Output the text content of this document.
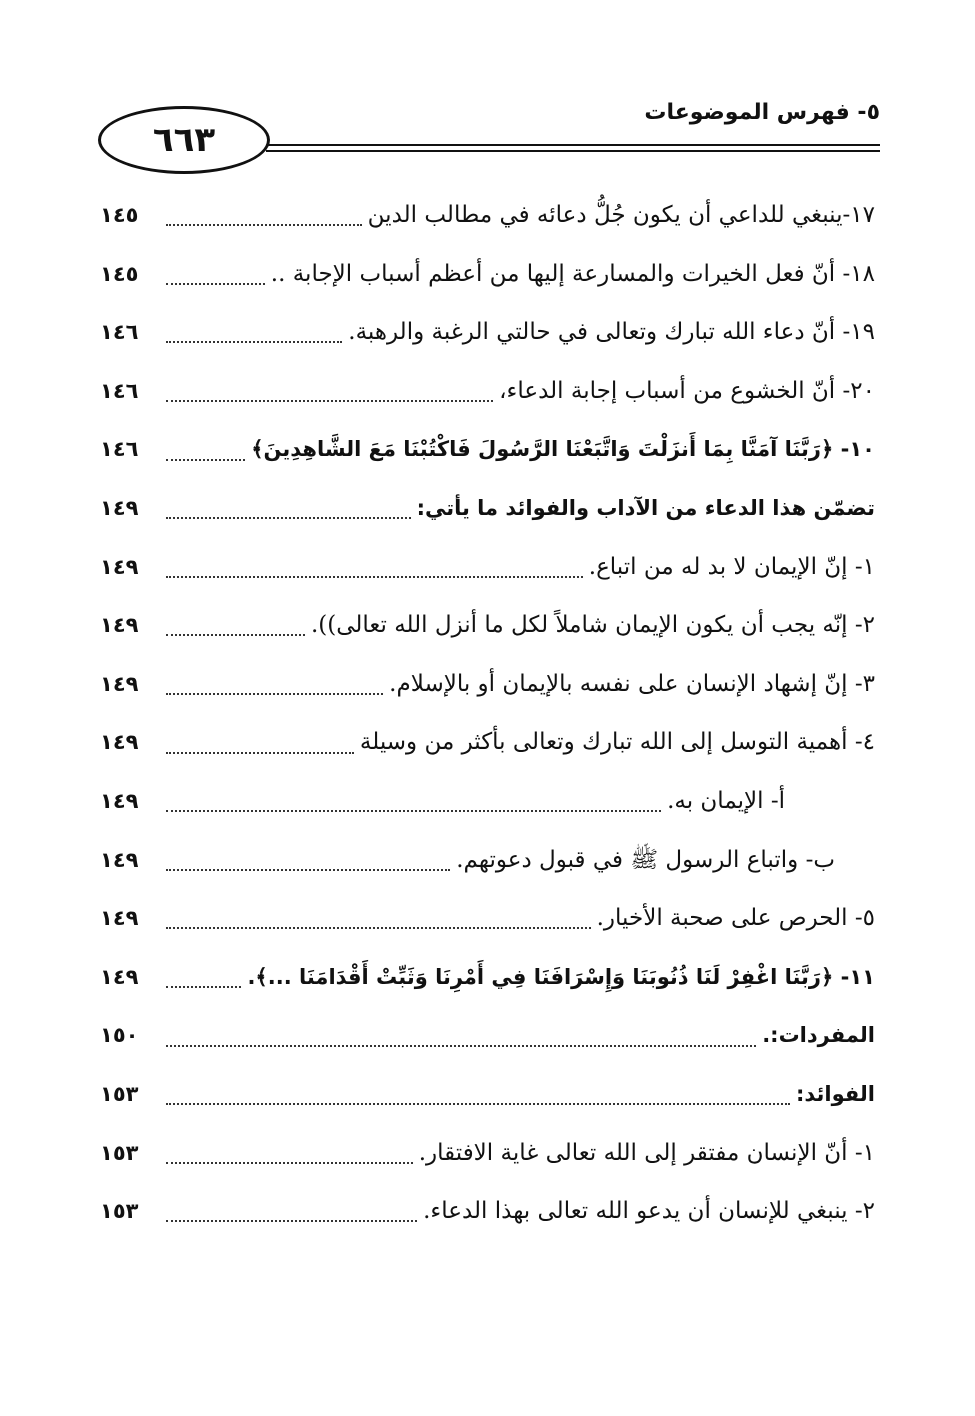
٦٦٣
٥- فهرس الموضوعات
١٧-ينبغي للداعي أن يكون جُلُّ دعائه في مطالب الدين
١٤٥
١٨- أنّ فعل الخيرات والمسارعة إليها من أعظم أسباب الإجابة ..
١٤٥
١٩- أنّ دعاء الله تبارك وتعالى في حالتي الرغبة والرهبة.
١٤٦
٢٠- أنّ الخشوع من أسباب إجابة الدعاء،
١٤٦
١٠- ﴿رَبَّنَا آمَنَّا بِمَا أَنزَلْتَ وَاتَّبَعْنَا الرَّسُولَ فَاكْتُبْنَا مَعَ الشَّاهِدِينَ﴾
١٤٦
تضمّن هذا الدعاء من الآداب والفوائد ما يأتي:
١٤٩
١- إنّ الإيمان لا بد له من اتباع.
١٤٩
٢- إنّه يجب أن يكون الإيمان شاملاً لكل ما أنزل الله تعالى)).
١٤٩
٣- إنّ إشهاد الإنسان على نفسه بالإيمان أو بالإسلام.
١٤٩
٤- أهمية التوسل إلى الله تبارك وتعالى بأكثر من وسيلة
١٤٩
أ- الإيمان به.
١٤٩
ب- واتباع الرسول ﷺ في قبول دعوتهم.
١٤٩
٥- الحرص على صحبة الأخيار.
١٤٩
١١- ﴿رَبَّنَا اغْفِرْ لَنَا ذُنُوبَنَا وَإِسْرَافَنَا فِي أَمْرِنَا وَثَبِّتْ أَقْدَامَنَا ...﴾.
١٤٩
المفردات:.
١٥٠
الفوائد:
١٥٣
١- أنّ الإنسان مفتقر إلى الله تعالى غاية الافتقار.
١٥٣
٢- ينبغي للإنسان أن يدعو الله تعالى بهذا الدعاء.
١٥٣
